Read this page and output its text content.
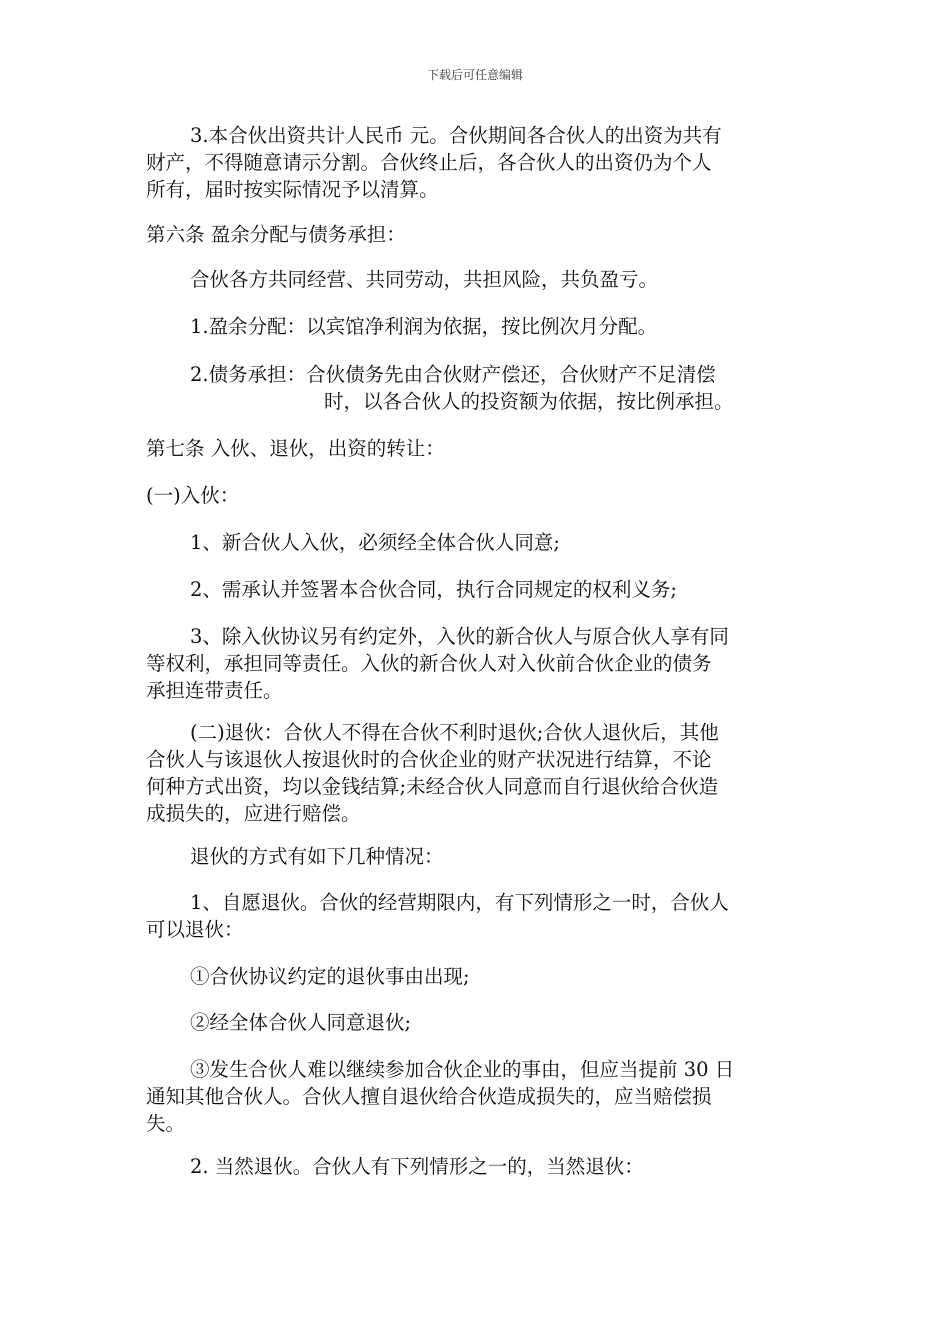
下载后可任意编辑
3.本合伙出资共计人民币 元。合伙期间各合伙人的出资为共有
财产，不得随意请示分割。合伙终止后，各合伙人的出资仍为个人
所有，届时按实际情况予以清算。
第六条 盈余分配与债务承担：
合伙各方共同经营、共同劳动，共担风险，共负盈亏。
1.盈余分配：以宾馆净利润为依据，按比例次月分配。
2.债务承担：合伙债务先由合伙财产偿还，合伙财产不足清偿
时，以各合伙人的投资额为依据，按比例承担。
第七条 入伙、退伙，出资的转让：
(一)入伙：
1、新合伙人入伙，必须经全体合伙人同意;
2、需承认并签署本合伙合同，执行合同规定的权利义务;
3、除入伙协议另有约定外，入伙的新合伙人与原合伙人享有同
等权利，承担同等责任。入伙的新合伙人对入伙前合伙企业的债务
承担连带责任。
(二)退伙：合伙人不得在合伙不利时退伙;合伙人退伙后，其他
合伙人与该退伙人按退伙时的合伙企业的财产状况进行结算，不论
何种方式出资，均以金钱结算;未经合伙人同意而自行退伙给合伙造
成损失的，应进行赔偿。
退伙的方式有如下几种情况：
1、自愿退伙。合伙的经营期限内，有下列情形之一时，合伙人
可以退伙：
①合伙协议约定的退伙事由出现;
②经全体合伙人同意退伙;
③发生合伙人难以继续参加合伙企业的事由，但应当提前 30 日
通知其他合伙人。合伙人擅自退伙给合伙造成损失的，应当赔偿损
失。
2. 当然退伙。合伙人有下列情形之一的，当然退伙：
